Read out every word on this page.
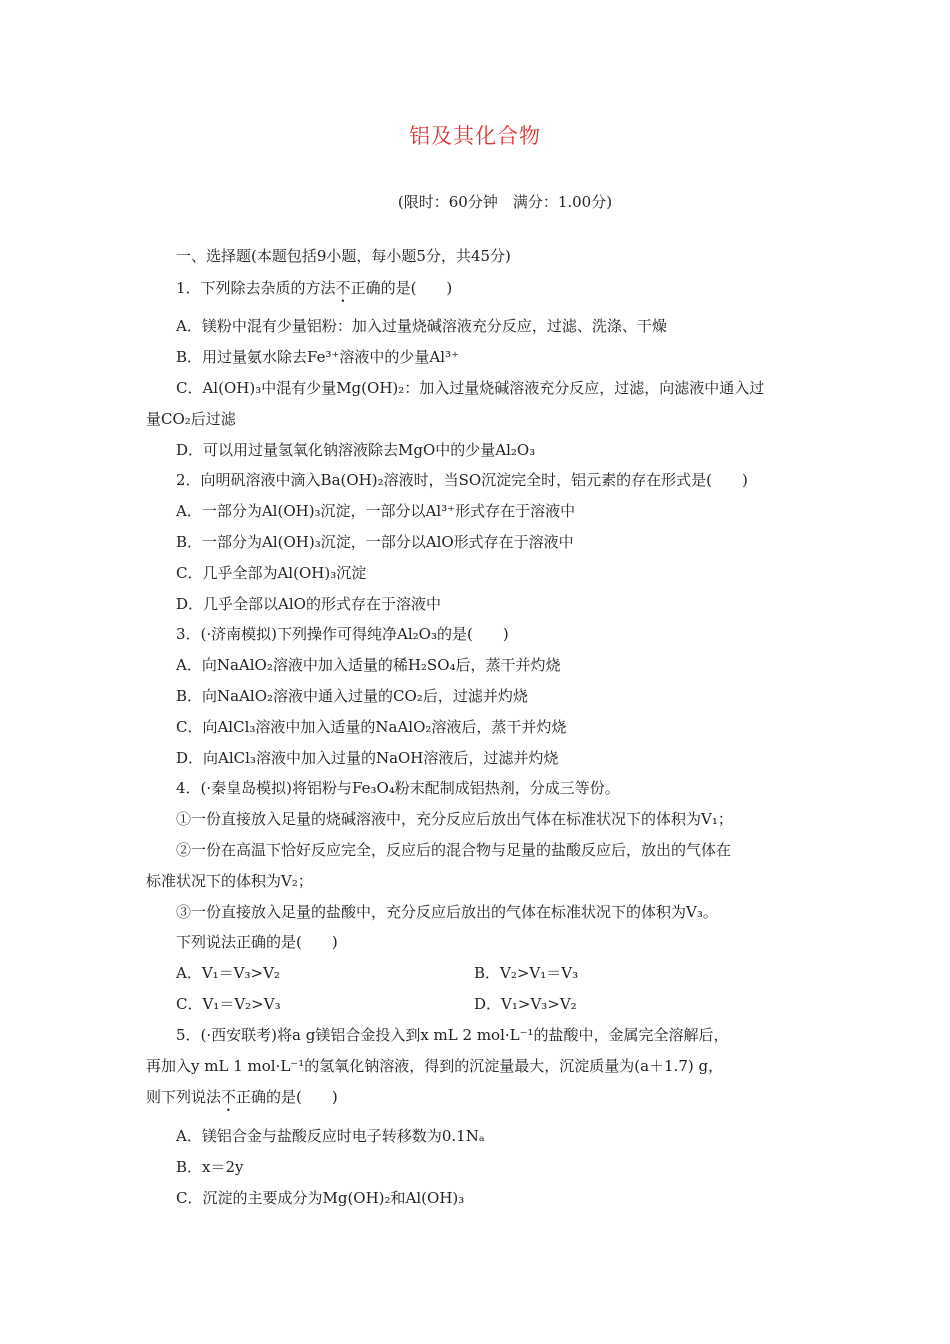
铝及其化合物
(限时：60分钟　满分：1.00分)
一、选择题(本题包括9小题，每小题5分，共45分)
1．下列除去杂质的方法不正确的是(　　)
A．镁粉中混有少量铝粉：加入过量烧碱溶液充分反应，过滤、洗涤、干燥
B．用过量氨水除去Fe³⁺溶液中的少量Al³⁺
C．Al(OH)₃中混有少量Mg(OH)₂：加入过量烧碱溶液充分反应，过滤，向滤液中通入过
量CO₂后过滤
D．可以用过量氢氧化钠溶液除去MgO中的少量Al₂O₃
2．向明矾溶液中滴入Ba(OH)₂溶液时，当SO沉淀完全时，铝元素的存在形式是(　　)
A．一部分为Al(OH)₃沉淀，一部分以Al³⁺形式存在于溶液中
B．一部分为Al(OH)₃沉淀，一部分以AlO形式存在于溶液中
C．几乎全部为Al(OH)₃沉淀
D．几乎全部以AlO的形式存在于溶液中
3．(·济南模拟)下列操作可得纯净Al₂O₃的是(　　)
A．向NaAlO₂溶液中加入适量的稀H₂SO₄后，蒸干并灼烧
B．向NaAlO₂溶液中通入过量的CO₂后，过滤并灼烧
C．向AlCl₃溶液中加入适量的NaAlO₂溶液后，蒸干并灼烧
D．向AlCl₃溶液中加入过量的NaOH溶液后，过滤并灼烧
4．(·秦皇岛模拟)将铝粉与Fe₃O₄粉末配制成铝热剂，分成三等份。
①一份直接放入足量的烧碱溶液中，充分反应后放出气体在标准状况下的体积为V₁；
②一份在高温下恰好反应完全，反应后的混合物与足量的盐酸反应后，放出的气体在
标准状况下的体积为V₂；
③一份直接放入足量的盐酸中，充分反应后放出的气体在标准状况下的体积为V₃。
下列说法正确的是(　　)
A．V₁＝V₃>V₂	B．V₂>V₁＝V₃
C．V₁＝V₂>V₃	D．V₁>V₃>V₂
5．(·西安联考)将a g镁铝合金投入到x mL 2 mol·L⁻¹的盐酸中，金属完全溶解后，
再加入y mL 1 mol·L⁻¹的氢氧化钠溶液，得到的沉淀量最大，沉淀质量为(a＋1.7) g，
则下列说法不正确的是(　　)
A．镁铝合金与盐酸反应时电子转移数为0.1Nₐ
B．x＝2y
C．沉淀的主要成分为Mg(OH)₂和Al(OH)₃
